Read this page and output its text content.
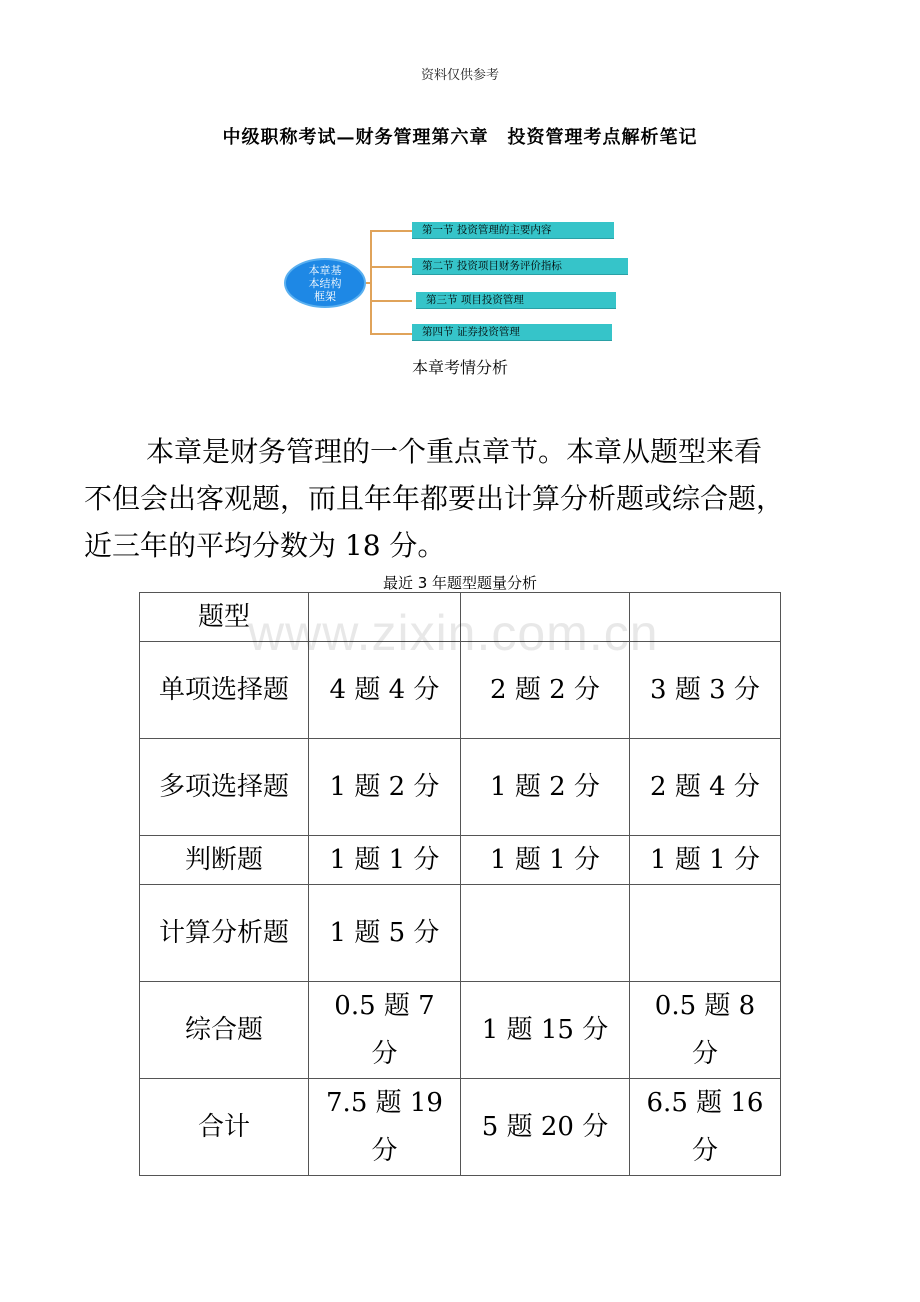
资料仅供参考
中级职称考试—财务管理第六章　投资管理考点解析笔记
本章基本结构框架
第一节 投资管理的主要内容
第二节 投资项目财务评价指标
第三节 项目投资管理
第四节 证券投资管理
本章考情分析
本章是财务管理的一个重点章节。本章从题型来看
不但会出客观题，而且年年都要出计算分析题或综合题，
近三年的平均分数为 18 分。
最近 3 年题型题量分析
题型			
单项选择题	4 题 4 分	2 题 2 分	3 题 3 分
多项选择题	1 题 2 分	1 题 2 分	2 题 4 分
判断题	1 题 1 分	1 题 1 分	1 题 1 分
计算分析题	1 题 5 分		
综合题	0.5 题 7 分	1 题 15 分	0.5 题 8 分
合计	7.5 题 19 分	5 题 20 分	6.5 题 16 分
www.zixin.com.cn
